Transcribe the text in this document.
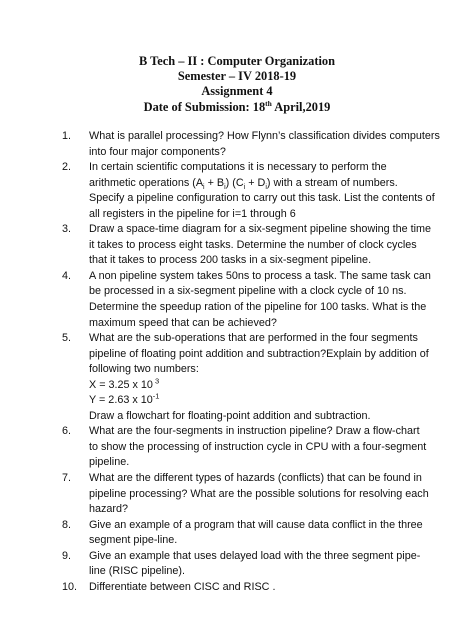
B Tech – II : Computer Organization
Semester – IV 2018-19
Assignment 4
Date of Submission: 18th April,2019
1. What is parallel processing? How Flynn’s classification divides computers
into four major components?
2. In certain scientific computations it is necessary to perform the
arithmetic operations $(A_i + B_i) (C_i + D_i)$ with a stream of numbers.
Specify a pipeline configuration to carry out this task. List the contents of
all registers in the pipeline for i=1 through 6
3. Draw a space-time diagram for a six-segment pipeline showing the time
it takes to process eight tasks. Determine the number of clock cycles
that it takes to process 200 tasks in a six-segment pipeline.
4. A non pipeline system takes 50ns to process a task. The same task can
be processed in a six-segment pipeline with a clock cycle of 10 ns.
Determine the speedup ration of the pipeline for 100 tasks. What is the
maximum speed that can be achieved?
5. What are the sub-operations that are performed in the four segments
pipeline of floating point addition and subtraction?Explain by addition of
following two numbers:
X = 3.25 x 10 $^3$
Y = 2.63 x $10^{-1}$
Draw a flowchart for floating-point addition and subtraction.
6. What are the four-segments in instruction pipeline? Draw a flow-chart
to show the processing of instruction cycle in CPU with a four-segment
pipeline.
7. What are the different types of hazards (conflicts) that can be found in
pipeline processing? What are the possible solutions for resolving each
hazard?
8. Give an example of a program that will cause data conflict in the three
segment pipe-line.
9. Give an example that uses delayed load with the three segment pipe-
line (RISC pipeline).
10. Differentiate between CISC and RISC .
